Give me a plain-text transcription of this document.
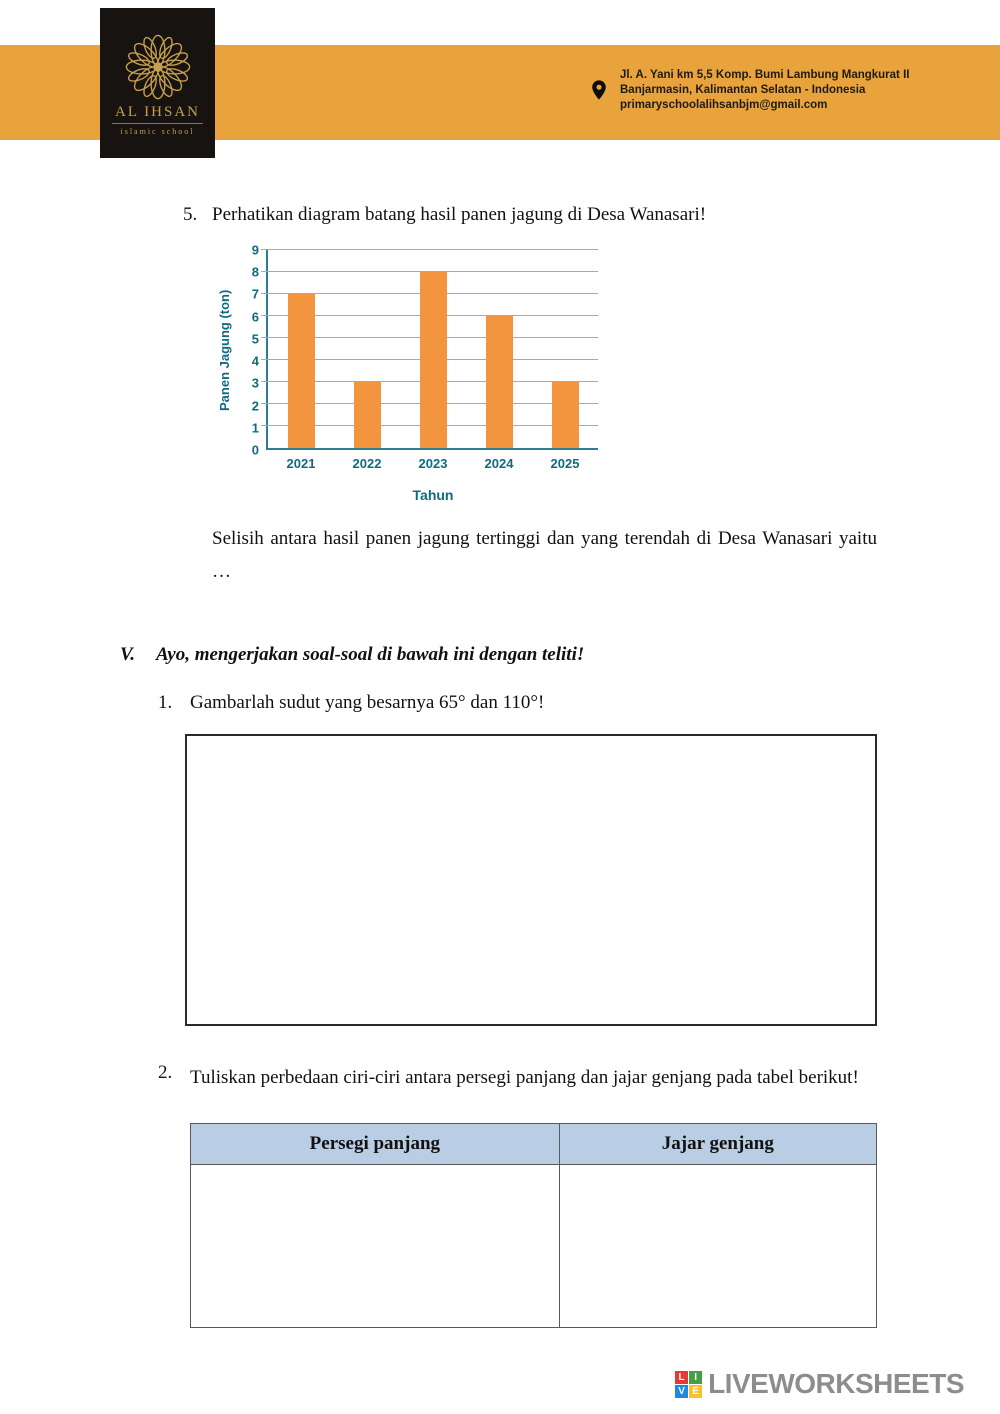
AL IHSAN
islamic school
Jl. A. Yani km 5,5 Komp. Bumi Lambung Mangkurat II
Banjarmasin, Kalimantan Selatan - Indonesia
primaryschoolalihsanbjm@gmail.com
5. Perhatikan diagram batang hasil panen jagung di Desa Wanasari!
Panen Jagung (ton)
0
1
2
3
4
5
6
7
8
9
2021	2022	2023	2024	2025
Tahun
Selisih antara hasil panen jagung tertinggi dan yang terendah di Desa Wanasari yaitu …
V.	Ayo, mengerjakan soal-soal di bawah ini dengan teliti!
1. Gambarlah sudut yang besarnya 65° dan 110°!
2. Tuliskan perbedaan ciri-ciri antara persegi panjang dan jajar genjang pada tabel berikut!
Persegi panjang	Jajar genjang

L I
V E LIVEWORKSHEETS
